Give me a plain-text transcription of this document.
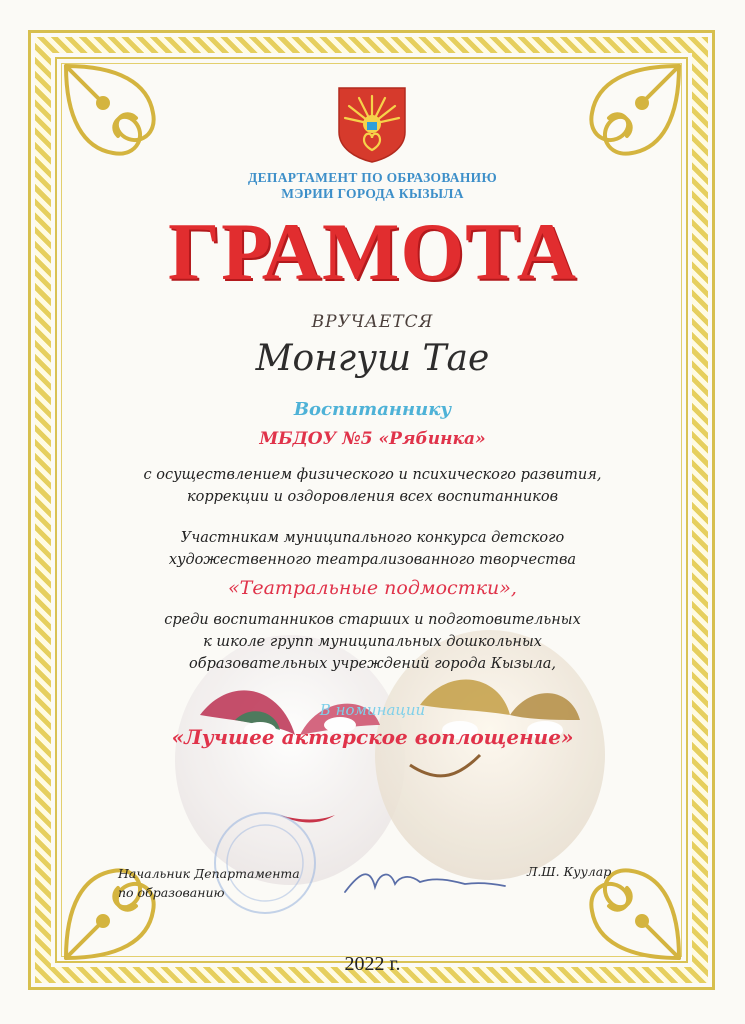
ДЕПАРТАМЕНТ ПО ОБРАЗОВАНИЮ
МЭРИИ ГОРОДА КЫЗЫЛА
ГРАМОТА
ВРУЧАЕТСЯ
Монгуш Тае
Воспитаннику
МБДОУ №5 «Рябинка»
с осуществлением физического и психического развития,
коррекции и оздоровления всех воспитанников
Участникам муниципального конкурса детского
художественного театрализованного творчества
«Театральные подмостки»,
среди воспитанников старших и подготовительных
к школе групп муниципальных дошкольных
образовательных учреждений города Кызыла,
В номинации
«Лучшее актерское воплощение»
Начальник Департамента
по образованию
Л.Ш. Куулар
2022 г.
